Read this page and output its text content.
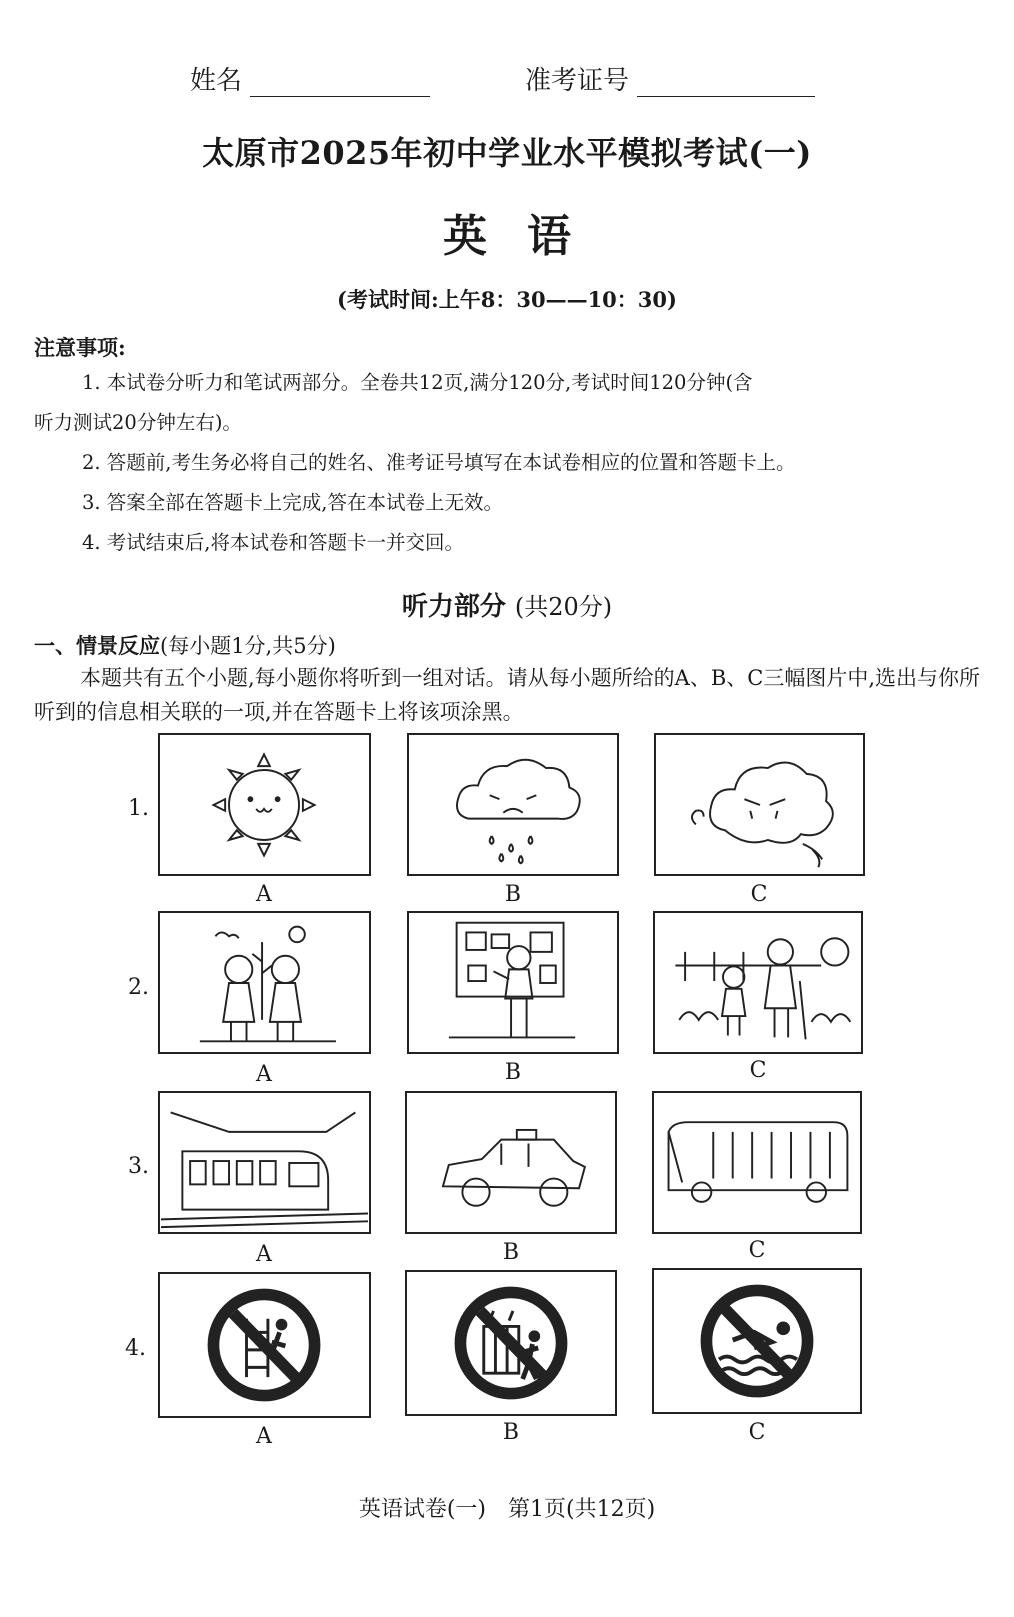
姓名	准考证号
太原市2025年初中学业水平模拟考试(一)
英语
(考试时间:上午8：30——10：30)
注意事项:
1. 本试卷分听力和笔试两部分。全卷共12页,满分120分,考试时间120分钟(含
听力测试20分钟左右)。
2. 答题前,考生务必将自己的姓名、准考证号填写在本试卷相应的位置和答题卡上。
3. 答案全部在答题卡上完成,答在本试卷上无效。
4. 考试结束后,将本试卷和答题卡一并交回。
听力部分 (共20分)
一、情景反应(每小题1分,共5分)
本题共有五个小题,每小题你将听到一组对话。请从每小题所给的A、B、C三幅图片中,选出与你所听到的信息相关联的一项,并在答题卡上将该项涂黑。
1.
A	B	C
2.
A	B	C
3.
A	B	C
4.
A	B	C
英语试卷(一)　第1页(共12页)
